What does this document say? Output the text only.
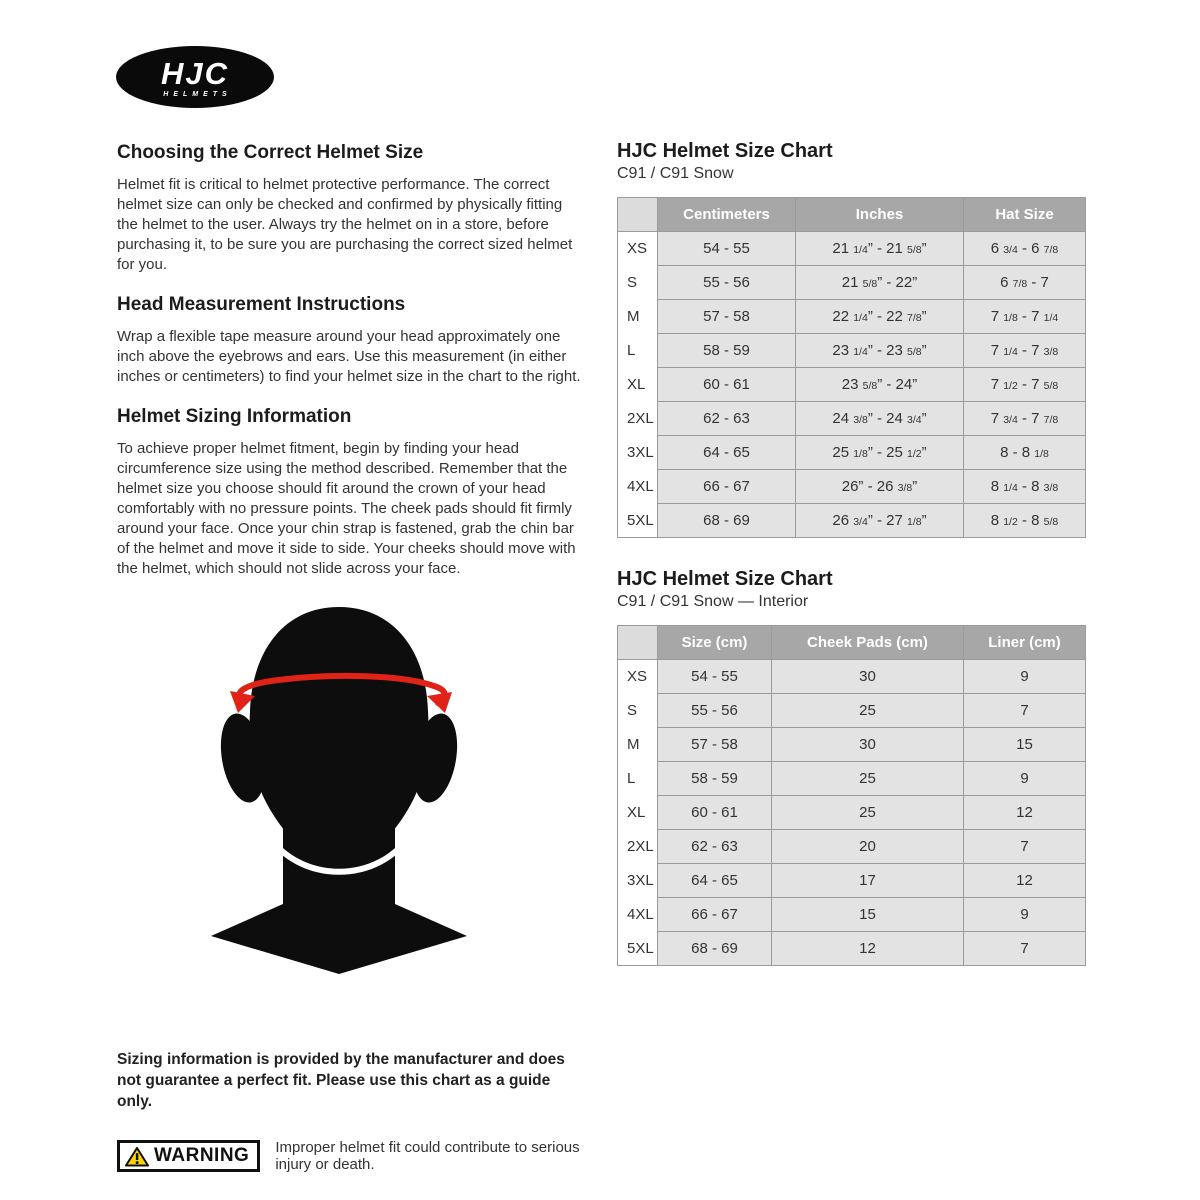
HJC
HELMETS
Choosing the Correct Helmet Size

Helmet fit is critical to helmet protective performance. The correct helmet size can only be checked and confirmed by physically fitting the helmet to the user. Always try the helmet on in a store, before purchasing it, to be sure you are purchasing the correct sized helmet for you.

Head Measurement Instructions

Wrap a flexible tape measure around your head approximately one inch above the eyebrows and ears. Use this measurement (in either inches or centimeters) to find your helmet size in the chart to the right.

Helmet Sizing Information

To achieve proper helmet fitment, begin by finding your head circumference size using the method described. Remember that the helmet size you choose should fit around the crown of your head comfortably with no pressure points. The cheek pads should fit firmly around your face. Once your chin strap is fastened, grab the chin bar of the helmet and move it side to side. Your cheeks should move with the helmet, which should not slide across your face.

Sizing information is provided by the manufacturer and does not guarantee a perfect fit. Please use this chart as a guide only.

WARNING Improper helmet fit could contribute to serious injury or death.
HJC Helmet Size Chart
C91 / C91 Snow
	Centimeters	Inches	Hat Size
XS	54 - 55	21 1/4” - 21 5/8”	6 3/4 - 6 7/8
S	55 - 56	21 5/8” - 22”	6 7/8 - 7
M	57 - 58	22 1/4” - 22 7/8”	7 1/8 - 7 1/4
L	58 - 59	23 1/4” - 23 5/8”	7 1/4 - 7 3/8
XL	60 - 61	23 5/8” - 24”	7 1/2 - 7 5/8
2XL	62 - 63	24 3/8” - 24 3/4”	7 3/4 - 7 7/8
3XL	64 - 65	25 1/8” - 25 1/2”	8 - 8 1/8
4XL	66 - 67	26” - 26 3/8”	8 1/4 - 8 3/8
5XL	68 - 69	26 3/4” - 27 1/8”	8 1/2 - 8 5/8
HJC Helmet Size Chart
C91 / C91 Snow — Interior
	Size (cm)	Cheek Pads (cm)	Liner (cm)
XS	54 - 55	30	9
S	55 - 56	25	7
M	57 - 58	30	15
L	58 - 59	25	9
XL	60 - 61	25	12
2XL	62 - 63	20	7
3XL	64 - 65	17	12
4XL	66 - 67	15	9
5XL	68 - 69	12	7
